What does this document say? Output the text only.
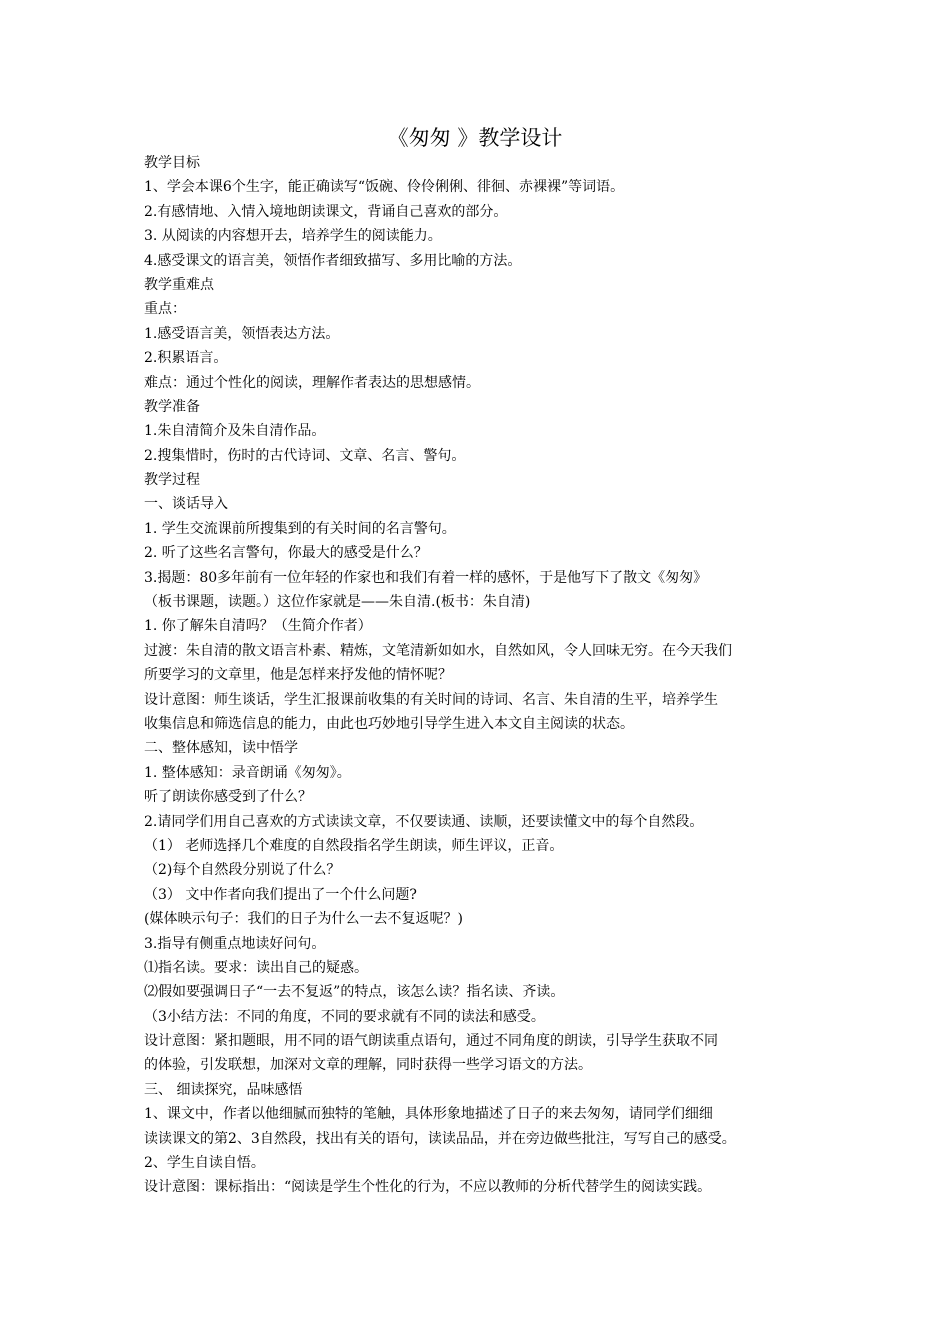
《匆匆 》教学设计
教学目标
1、学会本课6个生字，能正确读写“饭碗、伶伶俐俐、徘徊、赤裸裸”等词语。
2.有感情地、入情入境地朗读课文，背诵自己喜欢的部分。
3. 从阅读的内容想开去，培养学生的阅读能力。
4.感受课文的语言美，领悟作者细致描写、多用比喻的方法。
教学重难点
重点：
1.感受语言美，领悟表达方法。
2.积累语言。
难点：通过个性化的阅读，理解作者表达的思想感情。
教学准备
1.朱自清简介及朱自清作品。
2.搜集惜时，伤时的古代诗词、文章、名言、警句。
教学过程
一、谈话导入
1. 学生交流课前所搜集到的有关时间的名言警句。
2. 听了这些名言警句，你最大的感受是什么？
3.揭题：80多年前有一位年轻的作家也和我们有着一样的感怀，于是他写下了散文《匆匆》
（板书课题，读题。）这位作家就是——朱自清.(板书：朱自清)
1. 你了解朱自清吗？（生简介作者）
过渡：朱自清的散文语言朴素、精炼，文笔清新如如水，自然如风，令人回味无穷。在今天我们
所要学习的文章里，他是怎样来抒发他的情怀呢？
设计意图：师生谈话，学生汇报课前收集的有关时间的诗词、名言、朱自清的生平，培养学生
收集信息和筛选信息的能力，由此也巧妙地引导学生进入本文自主阅读的状态。
二、整体感知，读中悟学
1. 整体感知：录音朗诵《匆匆》。
听了朗读你感受到了什么？
2.请同学们用自己喜欢的方式读读文章，不仅要读通、读顺，还要读懂文中的每个自然段。
（1） 老师选择几个难度的自然段指名学生朗读，师生评议，正音。
（2)每个自然段分别说了什么？
（3） 文中作者向我们提出了一个什么问题?
(媒体映示句子：我们的日子为什么一去不复返呢？)
3.指导有侧重点地读好问句。
⑴指名读。要求：读出自己的疑惑。
⑵假如要强调日子“一去不复返”的特点，该怎么读？指名读、齐读。
（3小结方法：不同的角度，不同的要求就有不同的读法和感受。
设计意图：紧扣题眼，用不同的语气朗读重点语句，通过不同角度的朗读，引导学生获取不同
的体验，引发联想，加深对文章的理解，同时获得一些学习语文的方法。
三、 细读探究，品味感悟
1、课文中，作者以他细腻而独特的笔触，具体形象地描述了日子的来去匆匆，请同学们细细
读读课文的第2、3自然段，找出有关的语句，读读品品，并在旁边做些批注，写写自己的感受。
2、学生自读自悟。
设计意图：课标指出：“阅读是学生个性化的行为，不应以教师的分析代替学生的阅读实践。
